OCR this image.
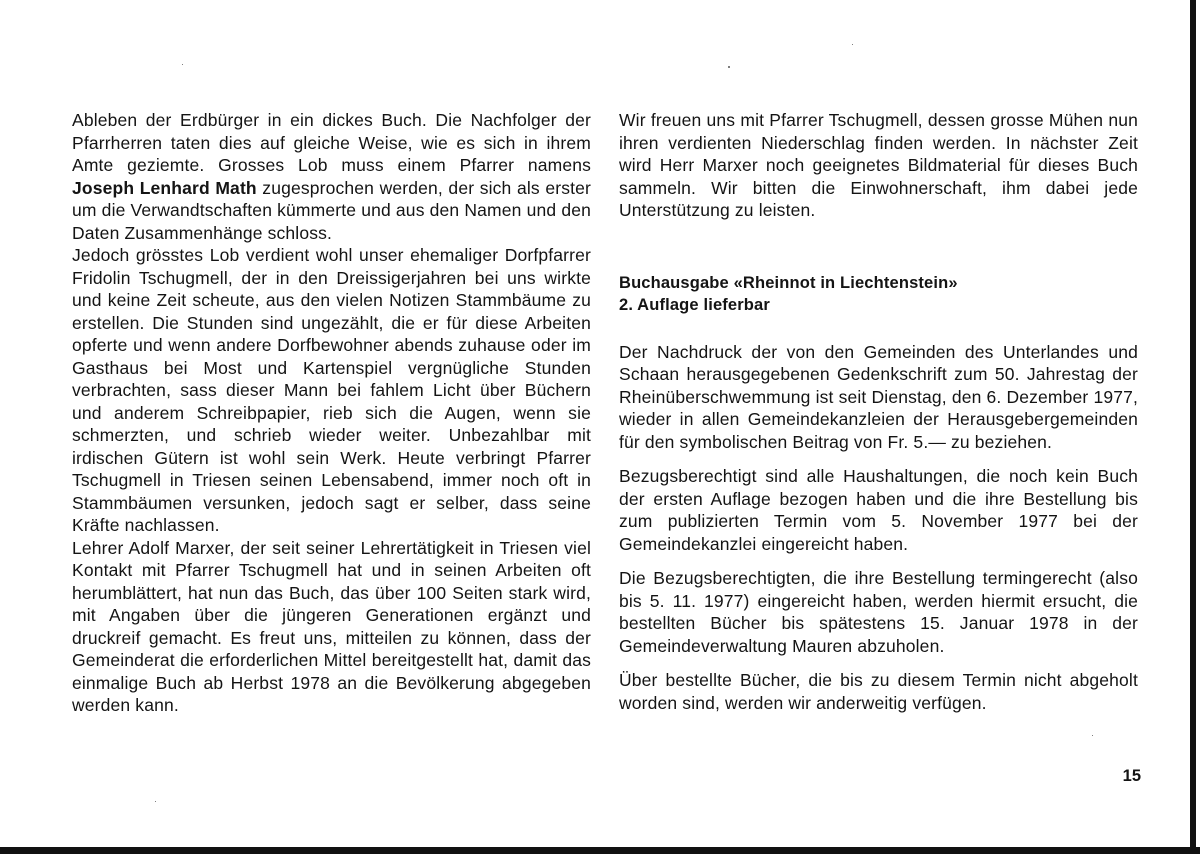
Ableben der Erdbürger in ein dickes Buch. Die Nachfolger der Pfarrherren taten dies auf gleiche Weise, wie es sich in ihrem Amte geziemte. Grosses Lob muss einem Pfarrer namens Joseph Lenhard Math zugesprochen werden, der sich als erster um die Verwandtschaften kümmerte und aus den Namen und den Daten Zusammenhänge schloss.

Jedoch grösstes Lob verdient wohl unser ehemaliger Dorfpfarrer Fridolin Tschugmell, der in den Dreissigerjahren bei uns wirkte und keine Zeit scheute, aus den vielen Notizen Stammbäume zu erstellen. Die Stunden sind ungezählt, die er für diese Arbeiten opferte und wenn andere Dorfbewohner abends zuhause oder im Gasthaus bei Most und Kartenspiel vergnügliche Stunden verbrachten, sass dieser Mann bei fahlem Licht über Büchern und anderem Schreibpapier, rieb sich die Augen, wenn sie schmerzten, und schrieb wieder weiter. Unbezahlbar mit irdischen Gütern ist wohl sein Werk. Heute verbringt Pfarrer Tschugmell in Triesen seinen Lebensabend, immer noch oft in Stammbäumen versunken, jedoch sagt er selber, dass seine Kräfte nachlassen.

Lehrer Adolf Marxer, der seit seiner Lehrertätigkeit in Triesen viel Kontakt mit Pfarrer Tschugmell hat und in seinen Arbeiten oft herumblättert, hat nun das Buch, das über 100 Seiten stark wird, mit Angaben über die jüngeren Generationen ergänzt und druckreif gemacht. Es freut uns, mitteilen zu können, dass der Gemeinderat die erforderlichen Mittel bereitgestellt hat, damit das einmalige Buch ab Herbst 1978 an die Bevölkerung abgegeben werden kann.

Wir freuen uns mit Pfarrer Tschugmell, dessen grosse Mühen nun ihren verdienten Niederschlag finden werden. In nächster Zeit wird Herr Marxer noch geeignetes Bildmaterial für dieses Buch sammeln. Wir bitten die Einwohnerschaft, ihm dabei jede Unterstützung zu leisten.

Buchausgabe «Rheinnot in Liechtenstein»
2. Auflage lieferbar

Der Nachdruck der von den Gemeinden des Unterlandes und Schaan herausgegebenen Gedenkschrift zum 50. Jahrestag der Rheinüberschwemmung ist seit Dienstag, den 6. Dezember 1977, wieder in allen Gemeindekanzleien der Herausgebergemeinden für den symbolischen Beitrag von Fr. 5.— zu beziehen.

Bezugsberechtigt sind alle Haushaltungen, die noch kein Buch der ersten Auflage bezogen haben und die ihre Bestellung bis zum publizierten Termin vom 5. November 1977 bei der Gemeindekanzlei eingereicht haben.

Die Bezugsberechtigten, die ihre Bestellung termingerecht (also bis 5. 11. 1977) eingereicht haben, werden hiermit ersucht, die bestellten Bücher bis spätestens 15. Januar 1978 in der Gemeindeverwaltung Mauren abzuholen.

Über bestellte Bücher, die bis zu diesem Termin nicht abgeholt worden sind, werden wir anderweitig verfügen.

15
